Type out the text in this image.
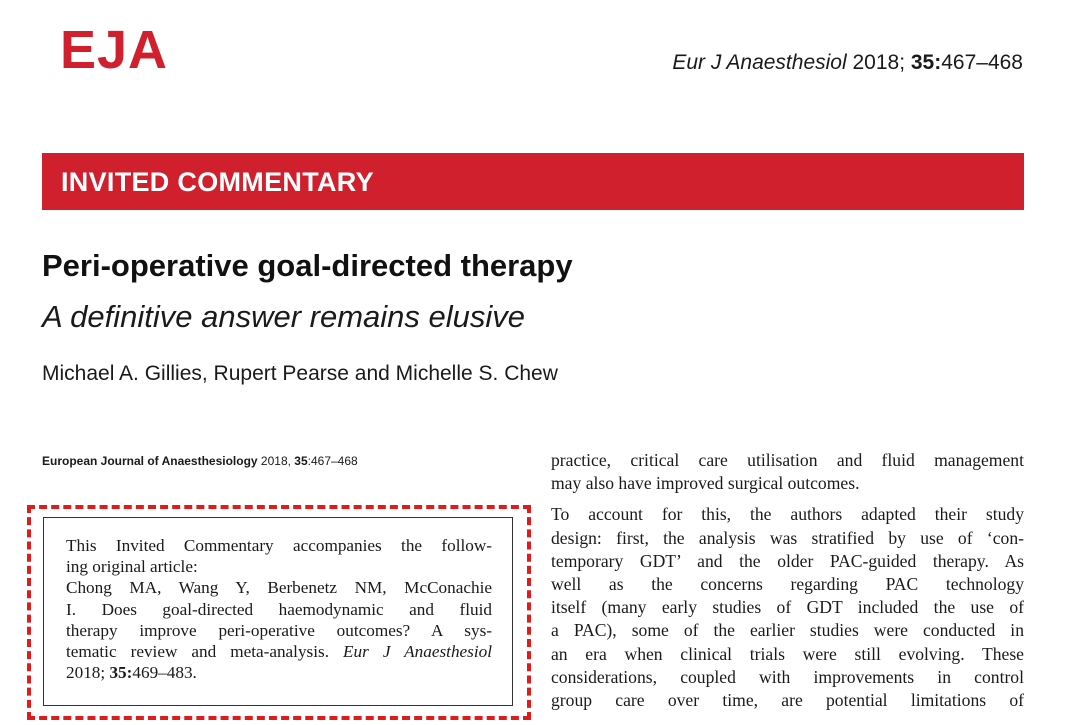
EJA	Eur J Anaesthesiol 2018; 35:467–468
INVITED COMMENTARY
Peri-operative goal-directed therapy
A definitive answer remains elusive
Michael A. Gillies, Rupert Pearse and Michelle S. Chew
European Journal of Anaesthesiology 2018, 35:467–468
This Invited Commentary accompanies the follow-
ing original article:
Chong MA, Wang Y, Berbenetz NM, McConachie
I. Does goal-directed haemodynamic and fluid
therapy improve peri-operative outcomes? A sys-
tematic review and meta-analysis. Eur J Anaesthesiol
2018; 35:469–483.

practice, critical care utilisation and fluid management
may also have improved surgical outcomes.

To account for this, the authors adapted their study
design: first, the analysis was stratified by use of ‘con-
temporary GDT’ and the older PAC-guided therapy. As
well as the concerns regarding PAC technology
itself (many early studies of GDT included the use of
a PAC), some of the earlier studies were conducted in
an era when clinical trials were still evolving. These
considerations, coupled with improvements in control
group care over time, are potential limitations of
